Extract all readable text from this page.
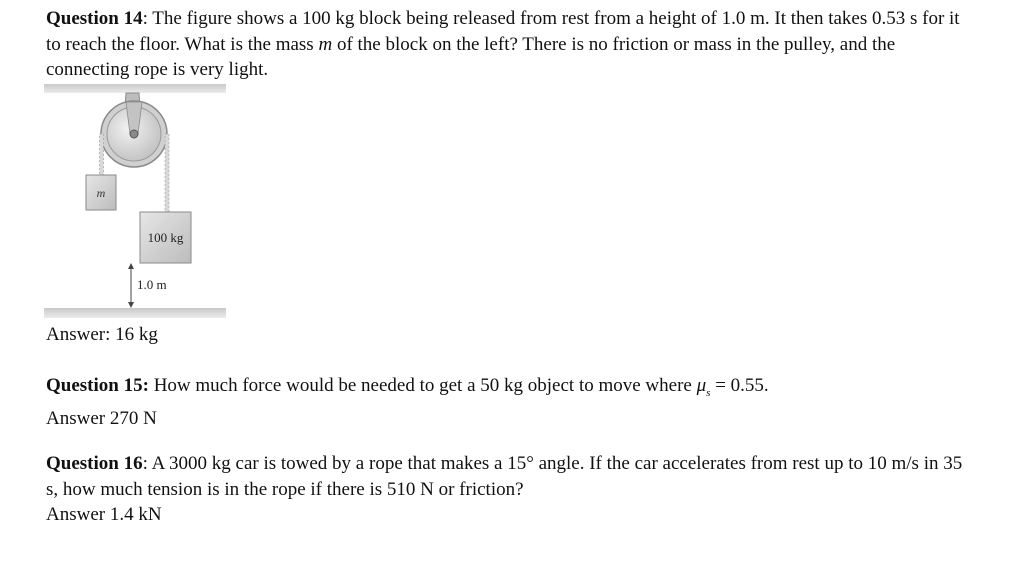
Question 14: The figure shows a 100 kg block being released from rest from a height of 1.0 m. It then takes 0.53 s for it to reach the floor. What is the mass m of the block on the left? There is no friction or mass in the pulley, and the connecting rope is very light.

m
100 kg
1.0 m

Answer: 16 kg

Question 15: How much force would be needed to get a 50 kg object to move where $\mu_s = 0.55$.
Answer 270 N

Question 16: A 3000 kg car is towed by a rope that makes a 15° angle. If the car accelerates from rest up to 10 m/s in 35 s, how much tension is in the rope if there is 510 N or friction?
Answer 1.4 kN
